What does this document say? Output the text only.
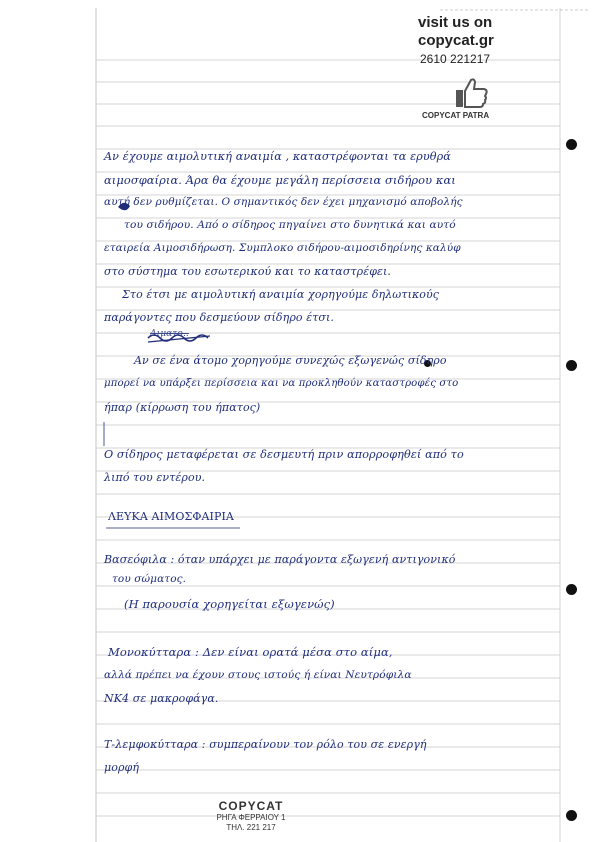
visit us on
copycat.gr
2610 221217
COPYCAT PATRA
Αν έχουμε αιμολυτική αναιμία , καταστρέφονται τα ερυθρά
αιμοσφαίρια. Άρα θα έχουμε μεγάλη περίσσεια σιδήρου και
αυτή δεν ρυθμίζεται. Ο σημαντικός δεν έχει μηχανισμό αποβολής
του σιδήρου. Από ο σίδηρος πηγαίνει στο δυνητικά και αυτό
εταιρεία Αιμοσιδήρωση. Συμπλοκο σιδήρου-αιμοσιδηρίνης καλύφ
στο σύστημα του εσωτερικού και το καταστρέφει.
Στο έτσι με αιμολυτική αναιμία χορηγούμε δηλωτικούς
παράγοντες που δεσμεύουν σίδηρο έτσι.
Αιματο..
Αν σε ένα άτομο χορηγούμε συνεχώς εξωγενώς σίδηρο
μπορεί να υπάρξει περίσσεια και να προκληθούν καταστροφές στο
ήπαρ (κίρρωση του ήπατος)
Ο σίδηρος μεταφέρεται σε δεσμευτή πριν απορροφηθεί από το
λιπό του εντέρου.
ΛΕΥΚΑ ΑΙΜΟΣΦΑΙΡΙΑ
Βασεόφιλα : όταν υπάρχει με παράγοντα εξωγενή αντιγονικό
του σώματος.
(Η παρουσία χορηγείται εξωγενώς)
Μονοκύτταρα : Δεν είναι ορατά μέσα στο αίμα,
αλλά πρέπει να έχουν στους ιστούς ή είναι Νευτρόφιλα
ΝΚ4 σε μακροφάγα.
Τ-λεμφοκύτταρα : συμπεραίνουν τον ρόλο του σε ενεργή
μορφή
COPYCAT
ΡΗΓΑ ΦΕΡΡΑΙΟΥ 1
ΤΗΛ. 221 217
